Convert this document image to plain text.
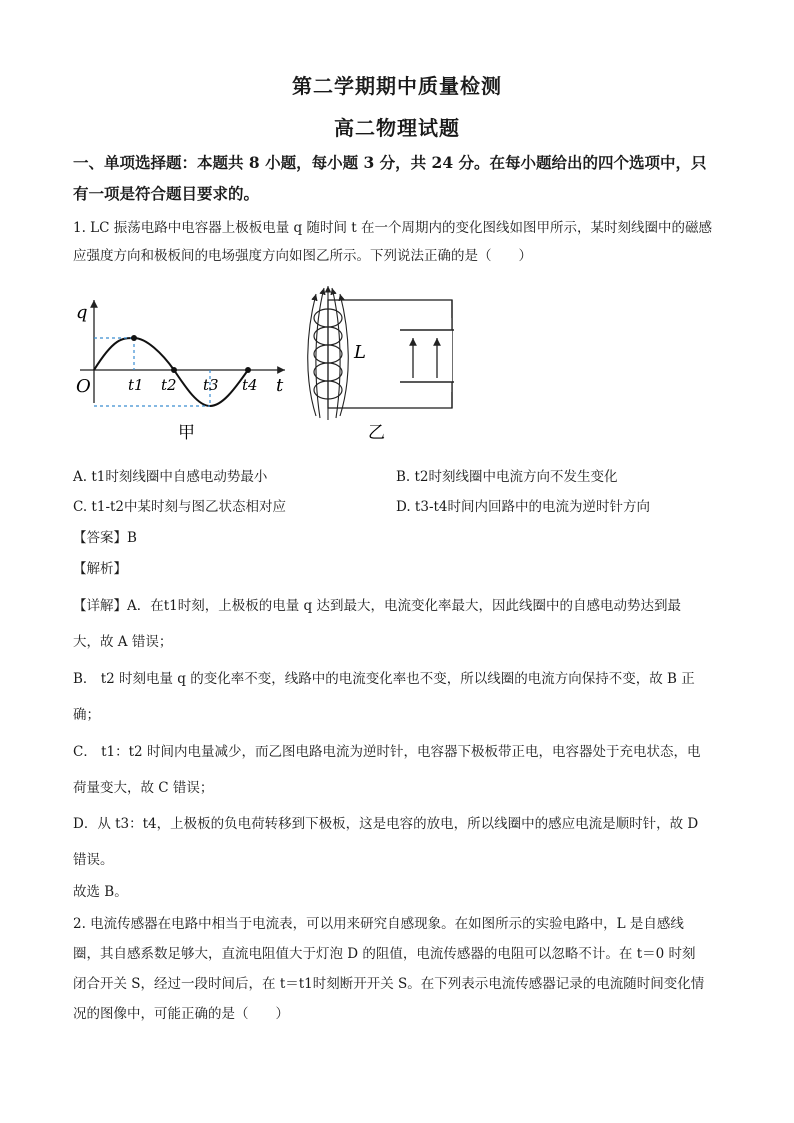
第二学期期中质量检测
高二物理试题
一、单项选择题：本题共 8 小题，每小题 3 分，共 24 分。在每小题给出的四个选项中，只
有一项是符合题目要求的。
1. LC 振荡电路中电容器上极板电量 q 随时间 t 在一个周期内的变化图线如图甲所示，某时刻线圈中的磁感
应强度方向和极板间的电场强度方向如图乙所示。下列说法正确的是（　　）
q
t
O t1 t2 t3 t4
甲
L
乙
A. t1时刻线圈中自感电动势最小	B. t2时刻线圈中电流方向不发生变化
C. t1-t2中某时刻与图乙状态相对应	D. t3-t4时间内回路中的电流为逆时针方向
【答案】B
【解析】
【详解】A．在t1时刻，上极板的电量 q 达到最大，电流变化率最大，因此线圈中的自感电动势达到最
大，故 A 错误；
B． t2 时刻电量 q 的变化率不变，线路中的电流变化率也不变，所以线圈的电流方向保持不变，故 B 正
确；
C． t1：t2 时间内电量减少，而乙图电路电流为逆时针，电容器下极板带正电，电容器处于充电状态，电
荷量变大，故 C 错误；
D．从 t3：t4，上极板的负电荷转移到下极板，这是电容的放电，所以线圈中的感应电流是顺时针，故 D
错误。
故选 B。
2. 电流传感器在电路中相当于电流表，可以用来研究自感现象。在如图所示的实验电路中，L 是自感线
圈，其自感系数足够大，直流电阻值大于灯泡 D 的阻值，电流传感器的电阻可以忽略不计。在 t＝0 时刻
闭合开关 S，经过一段时间后，在 t＝t1时刻断开开关 S。在下列表示电流传感器记录的电流随时间变化情
况的图像中，可能正确的是（　　）
